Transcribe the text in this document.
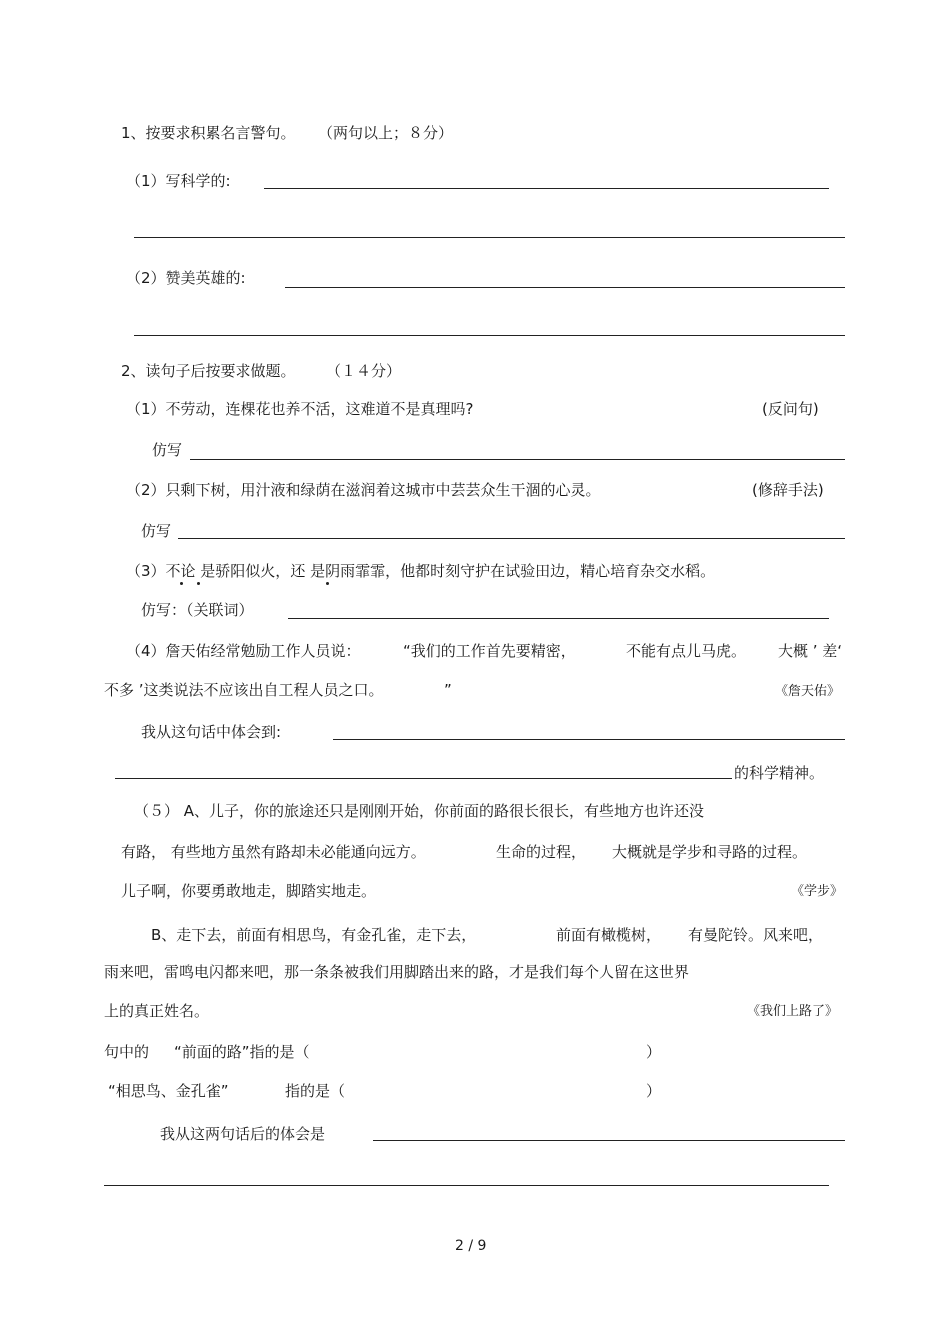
1、按要求积累名言警句。 （两句以上；８分）
（1）写科学的:
（2）赞美英雄的:
2、读句子后按要求做题。 （１４分）
（1）不劳动，连棵花也养不活，这难道不是真理吗?	(反问句)
仿写
（2）只剩下树，用汁液和绿荫在滋润着这城市中芸芸众生干涸的心灵。	(修辞手法)
仿写
（3）不论 是骄阳似火，还 是阴雨霏霏，他都时刻守护在试验田边，精心培育杂交水稻。
仿写：（关联词）
（4）詹天佑经常勉励工作人员说：	“我们的工作首先要精密，	不能有点儿马虎。 大概 ’ 差‘
不多 ’这类说法不应该出自工程人员之口。	”	《詹天佑》
我从这句话中体会到:
的科学精神。
（５） A、儿子，你的旅途还只是刚刚开始，你前面的路很长很长，有些地方也许还没
有路， 有些地方虽然有路却未必能通向远方。	生命的过程， 大概就是学步和寻路的过程。
儿子啊，你要勇敢地走，脚踏实地走。	《学步》
B、走下去，前面有相思鸟，有金孔雀，走下去，	前面有橄榄树， 有曼陀铃。风来吧，
雨来吧，雷鸣电闪都来吧，那一条条被我们用脚踏出来的路，才是我们每个人留在这世界
上的真正姓名。	《我们上路了》
句中的 “前面的路”指的是（	）
“相思鸟、金孔雀”	指的是（	）
我从这两句话后的体会是
2 / 9
